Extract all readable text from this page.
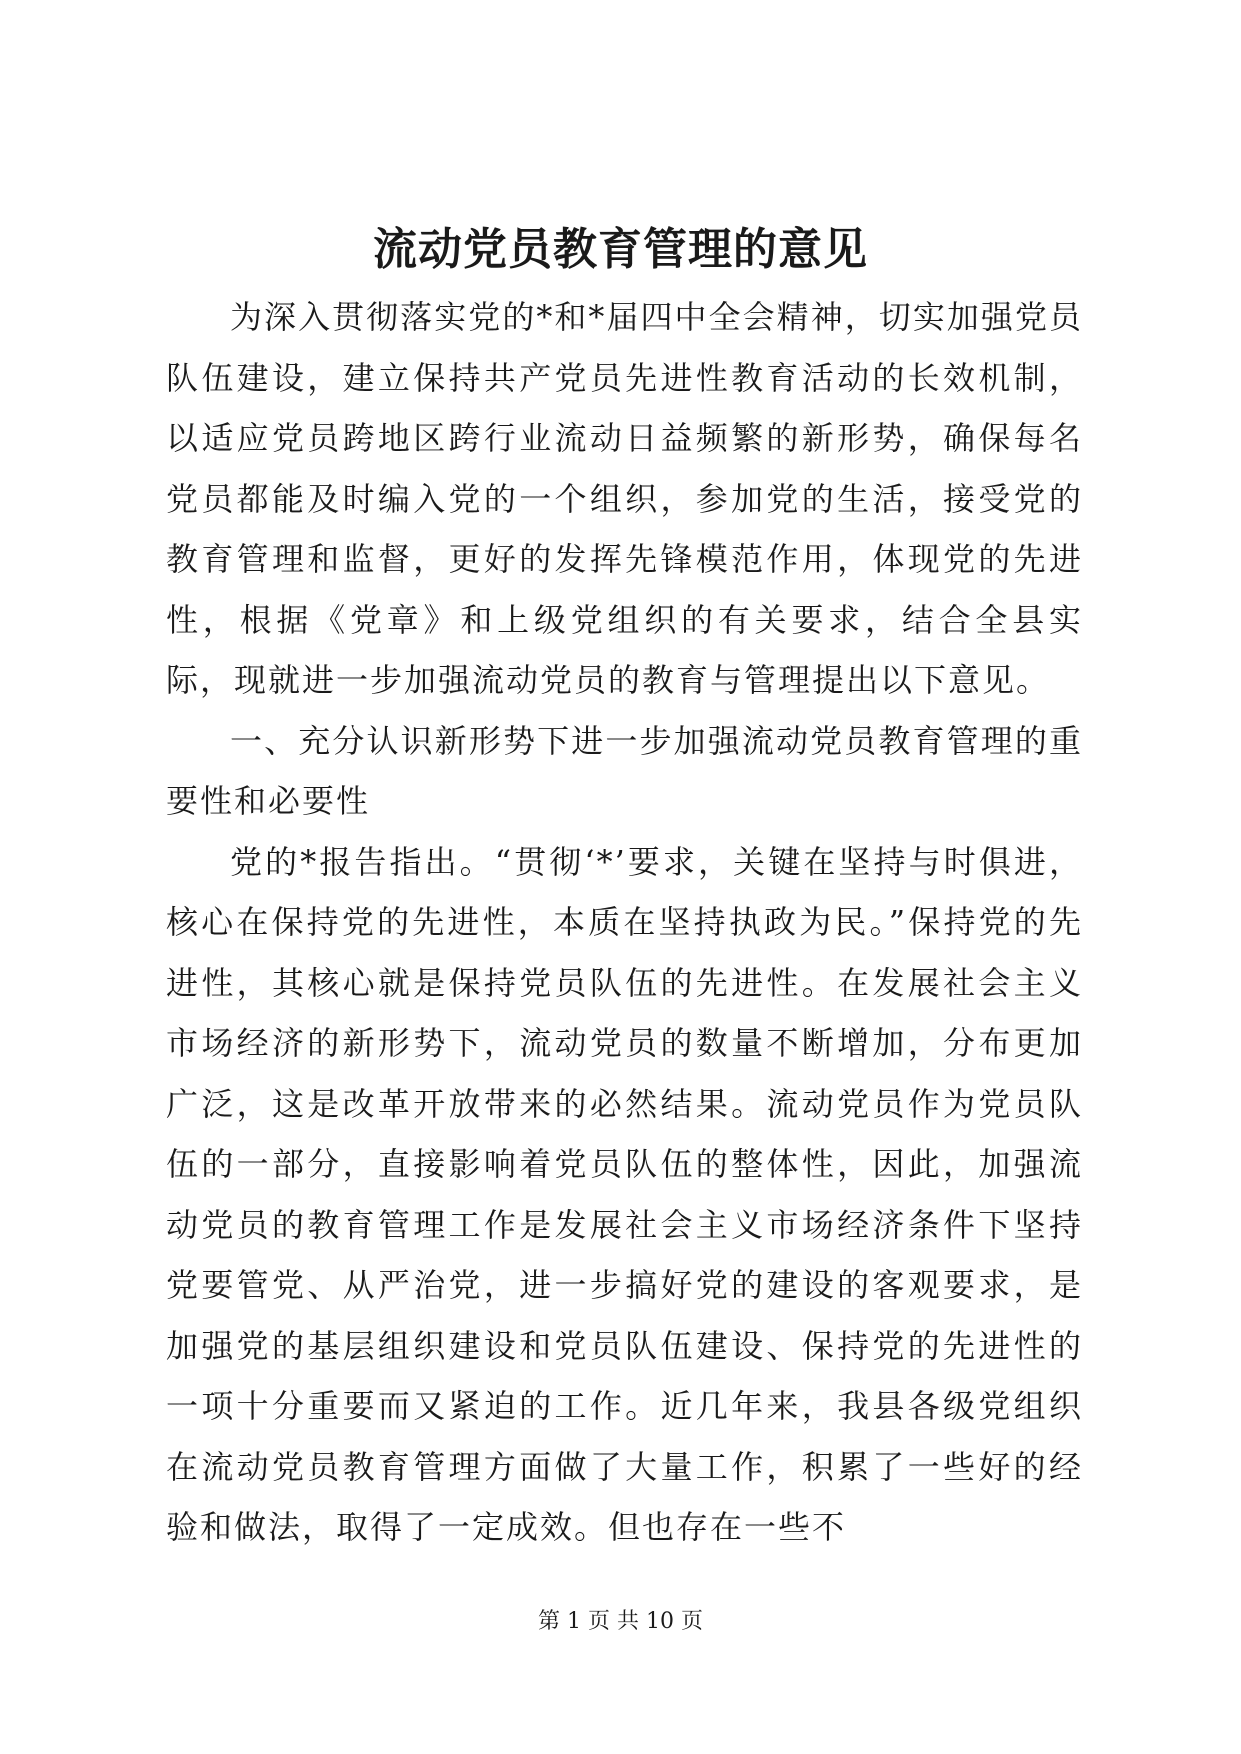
流动党员教育管理的意见

为深入贯彻落实党的*和*届四中全会精神，切实加强党员队伍建设，建立保持共产党员先进性教育活动的长效机制，以适应党员跨地区跨行业流动日益频繁的新形势，确保每名党员都能及时编入党的一个组织，参加党的生活，接受党的教育管理和监督，更好的发挥先锋模范作用，体现党的先进性，根据《党章》和上级党组织的有关要求，结合全县实际，现就进一步加强流动党员的教育与管理提出以下意见。

一、充分认识新形势下进一步加强流动党员教育管理的重要性和必要性

党的*报告指出。“贯彻‘*’要求，关键在坚持与时俱进，核心在保持党的先进性，本质在坚持执政为民。”保持党的先进性，其核心就是保持党员队伍的先进性。在发展社会主义市场经济的新形势下，流动党员的数量不断增加，分布更加广泛，这是改革开放带来的必然结果。流动党员作为党员队伍的一部分，直接影响着党员队伍的整体性，因此，加强流动党员的教育管理工作是发展社会主义市场经济条件下坚持党要管党、从严治党，进一步搞好党的建设的客观要求，是加强党的基层组织建设和党员队伍建设、保持党的先进性的一项十分重要而又紧迫的工作。近几年来，我县各级党组织在流动党员教育管理方面做了大量工作，积累了一些好的经验和做法，取得了一定成效。但也存在一些不

第 1 页 共 10 页
